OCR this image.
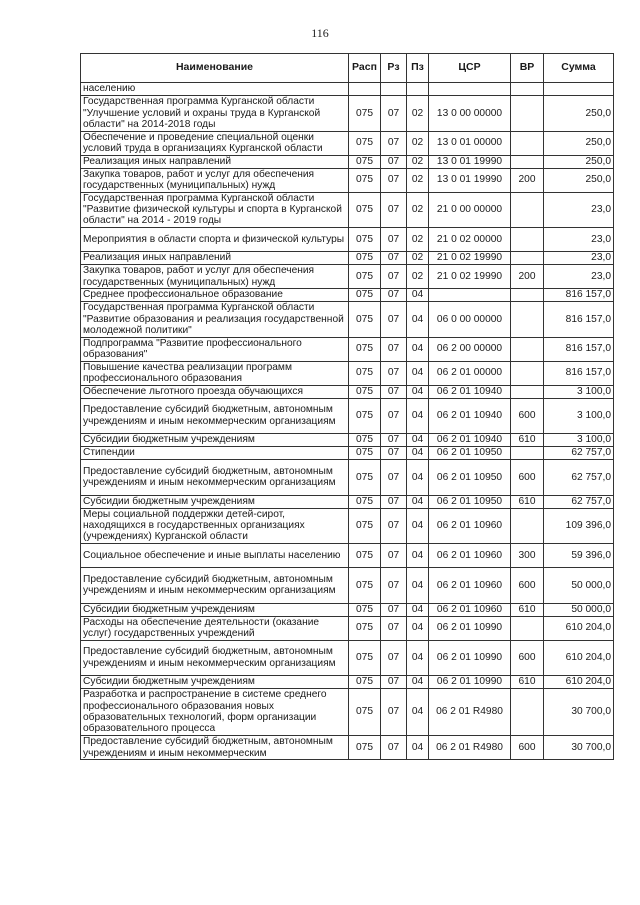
116
Наименование	Расп	Рз	Пз	ЦСР	ВР	Сумма
населению						
Государственная программа Курганской области "Улучшение условий и охраны труда в Курганской области" на 2014-2018 годы	075	07	02	13 0 00 00000		250,0
Обеспечение и проведение специальной оценки условий труда в организациях Курганской области	075	07	02	13 0 01 00000		250,0
Реализация иных направлений	075	07	02	13 0 01 19990		250,0
Закупка товаров, работ и услуг для обеспечения государственных (муниципальных) нужд	075	07	02	13 0 01 19990	200	250,0
Государственная программа Курганской области "Развитие физической культуры и спорта в Курганской области" на 2014 - 2019 годы	075	07	02	21 0 00 00000		23,0
Мероприятия в области спорта и физической культуры	075	07	02	21 0 02 00000		23,0
Реализация иных направлений	075	07	02	21 0 02 19990		23,0
Закупка товаров, работ и услуг для обеспечения государственных (муниципальных) нужд	075	07	02	21 0 02 19990	200	23,0
Среднее профессиональное образование	075	07	04			816 157,0
Государственная программа Курганской области "Развитие образования и реализация государственной молодежной политики"	075	07	04	06 0 00 00000		816 157,0
Подпрограмма "Развитие профессионального образования"	075	07	04	06 2 00 00000		816 157,0
Повышение качества реализации программ профессионального образования	075	07	04	06 2 01 00000		816 157,0
Обеспечение льготного проезда обучающихся	075	07	04	06 2 01 10940		3 100,0
Предоставление субсидий бюджетным, автономным учреждениям и иным некоммерческим организациям	075	07	04	06 2 01 10940	600	3 100,0
Субсидии бюджетным учреждениям	075	07	04	06 2 01 10940	610	3 100,0
Стипендии	075	07	04	06 2 01 10950		62 757,0
Предоставление субсидий бюджетным, автономным учреждениям и иным некоммерческим организациям	075	07	04	06 2 01 10950	600	62 757,0
Субсидии бюджетным учреждениям	075	07	04	06 2 01 10950	610	62 757,0
Меры социальной поддержки детей-сирот, находящихся в государственных организациях (учреждениях) Курганской области	075	07	04	06 2 01 10960		109 396,0
Социальное обеспечение и иные выплаты населению	075	07	04	06 2 01 10960	300	59 396,0
Предоставление субсидий бюджетным, автономным учреждениям и иным некоммерческим организациям	075	07	04	06 2 01 10960	600	50 000,0
Субсидии бюджетным учреждениям	075	07	04	06 2 01 10960	610	50 000,0
Расходы на обеспечение деятельности (оказание услуг) государственных учреждений	075	07	04	06 2 01 10990		610 204,0
Предоставление субсидий бюджетным, автономным учреждениям и иным некоммерческим организациям	075	07	04	06 2 01 10990	600	610 204,0
Субсидии бюджетным учреждениям	075	07	04	06 2 01 10990	610	610 204,0
Разработка и распространение в системе среднего профессионального образования новых образовательных технологий, форм организации образовательного процесса	075	07	04	06 2 01 R4980		30 700,0
Предоставление субсидий бюджетным, автономным учреждениям и иным некоммерческим	075	07	04	06 2 01 R4980	600	30 700,0
